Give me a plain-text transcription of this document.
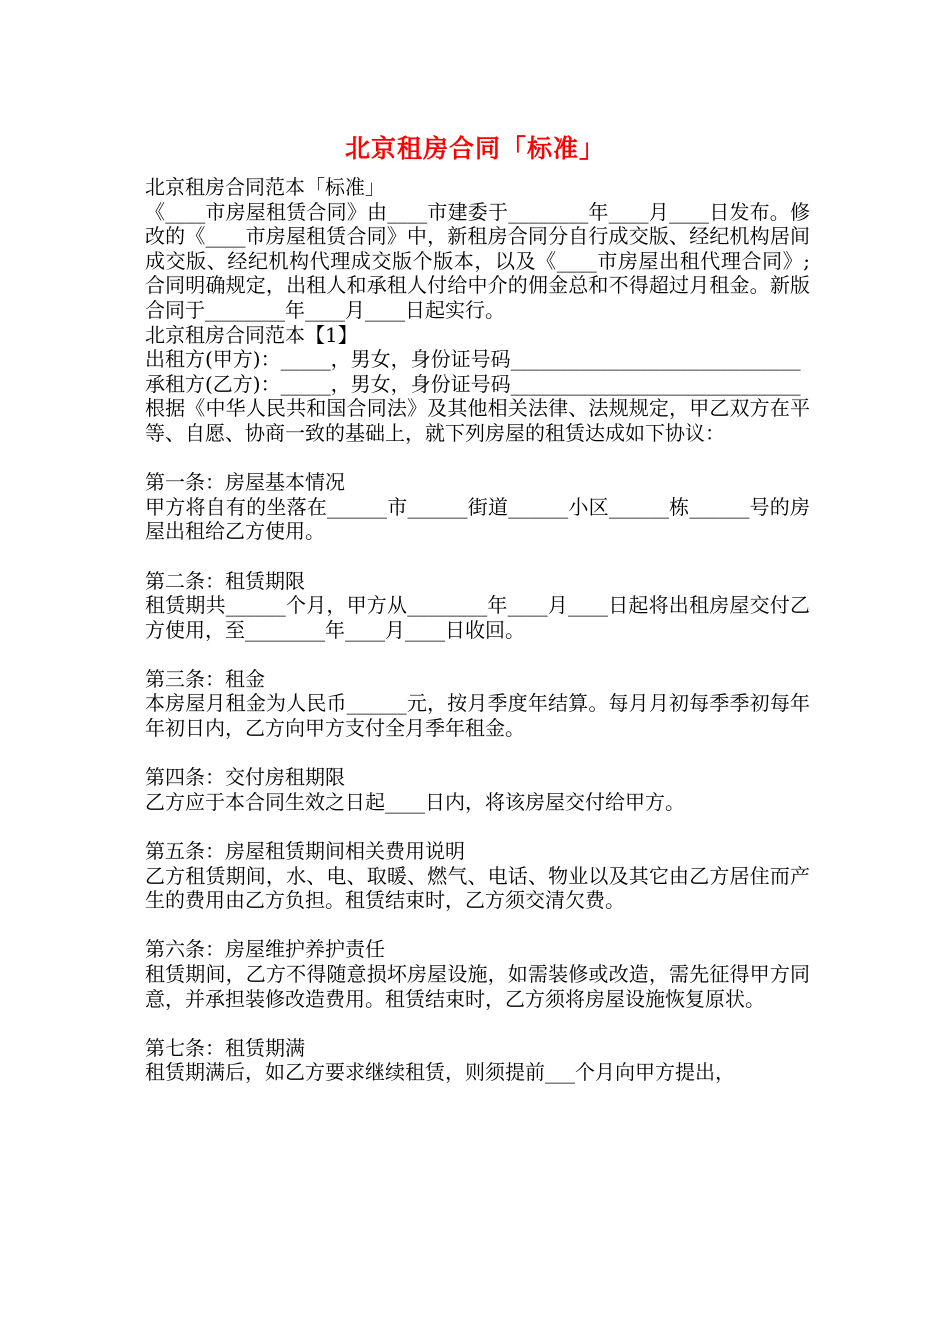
北京租房合同「标准」

北京租房合同范本「标准」

《____市房屋租赁合同》由____市建委于________年____月____日发布。修改的《____市房屋租赁合同》中，新租房合同分自行成交版、经纪机构居间成交版、经纪机构代理成交版个版本，以及《____市房屋出租代理合同》;合同明确规定，出租人和承租人付给中介的佣金总和不得超过月租金。新版合同于________年____月____日起实行。

北京租房合同范本【1】

出租方(甲方)：_____，男女，身份证号码_____________________________

承租方(乙方)：_____，男女，身份证号码_____________________________

根据《中华人民共和国合同法》及其他相关法律、法规规定，甲乙双方在平等、自愿、协商一致的基础上，就下列房屋的租赁达成如下协议：

第一条：房屋基本情况

甲方将自有的坐落在______市______街道______小区______栋______号的房屋出租给乙方使用。

第二条：租赁期限

租赁期共______个月，甲方从________年____月____日起将出租房屋交付乙方使用，至________年____月____日收回。

第三条：租金

本房屋月租金为人民币______元，按月季度年结算。每月月初每季季初每年年初日内，乙方向甲方支付全月季年租金。

第四条：交付房租期限

乙方应于本合同生效之日起____日内，将该房屋交付给甲方。

第五条：房屋租赁期间相关费用说明

乙方租赁期间，水、电、取暖、燃气、电话、物业以及其它由乙方居住而产生的费用由乙方负担。租赁结束时，乙方须交清欠费。

第六条：房屋维护养护责任

租赁期间，乙方不得随意损坏房屋设施，如需装修或改造，需先征得甲方同意，并承担装修改造费用。租赁结束时，乙方须将房屋设施恢复原状。

第七条：租赁期满

租赁期满后，如乙方要求继续租赁，则须提前___个月向甲方提出，
